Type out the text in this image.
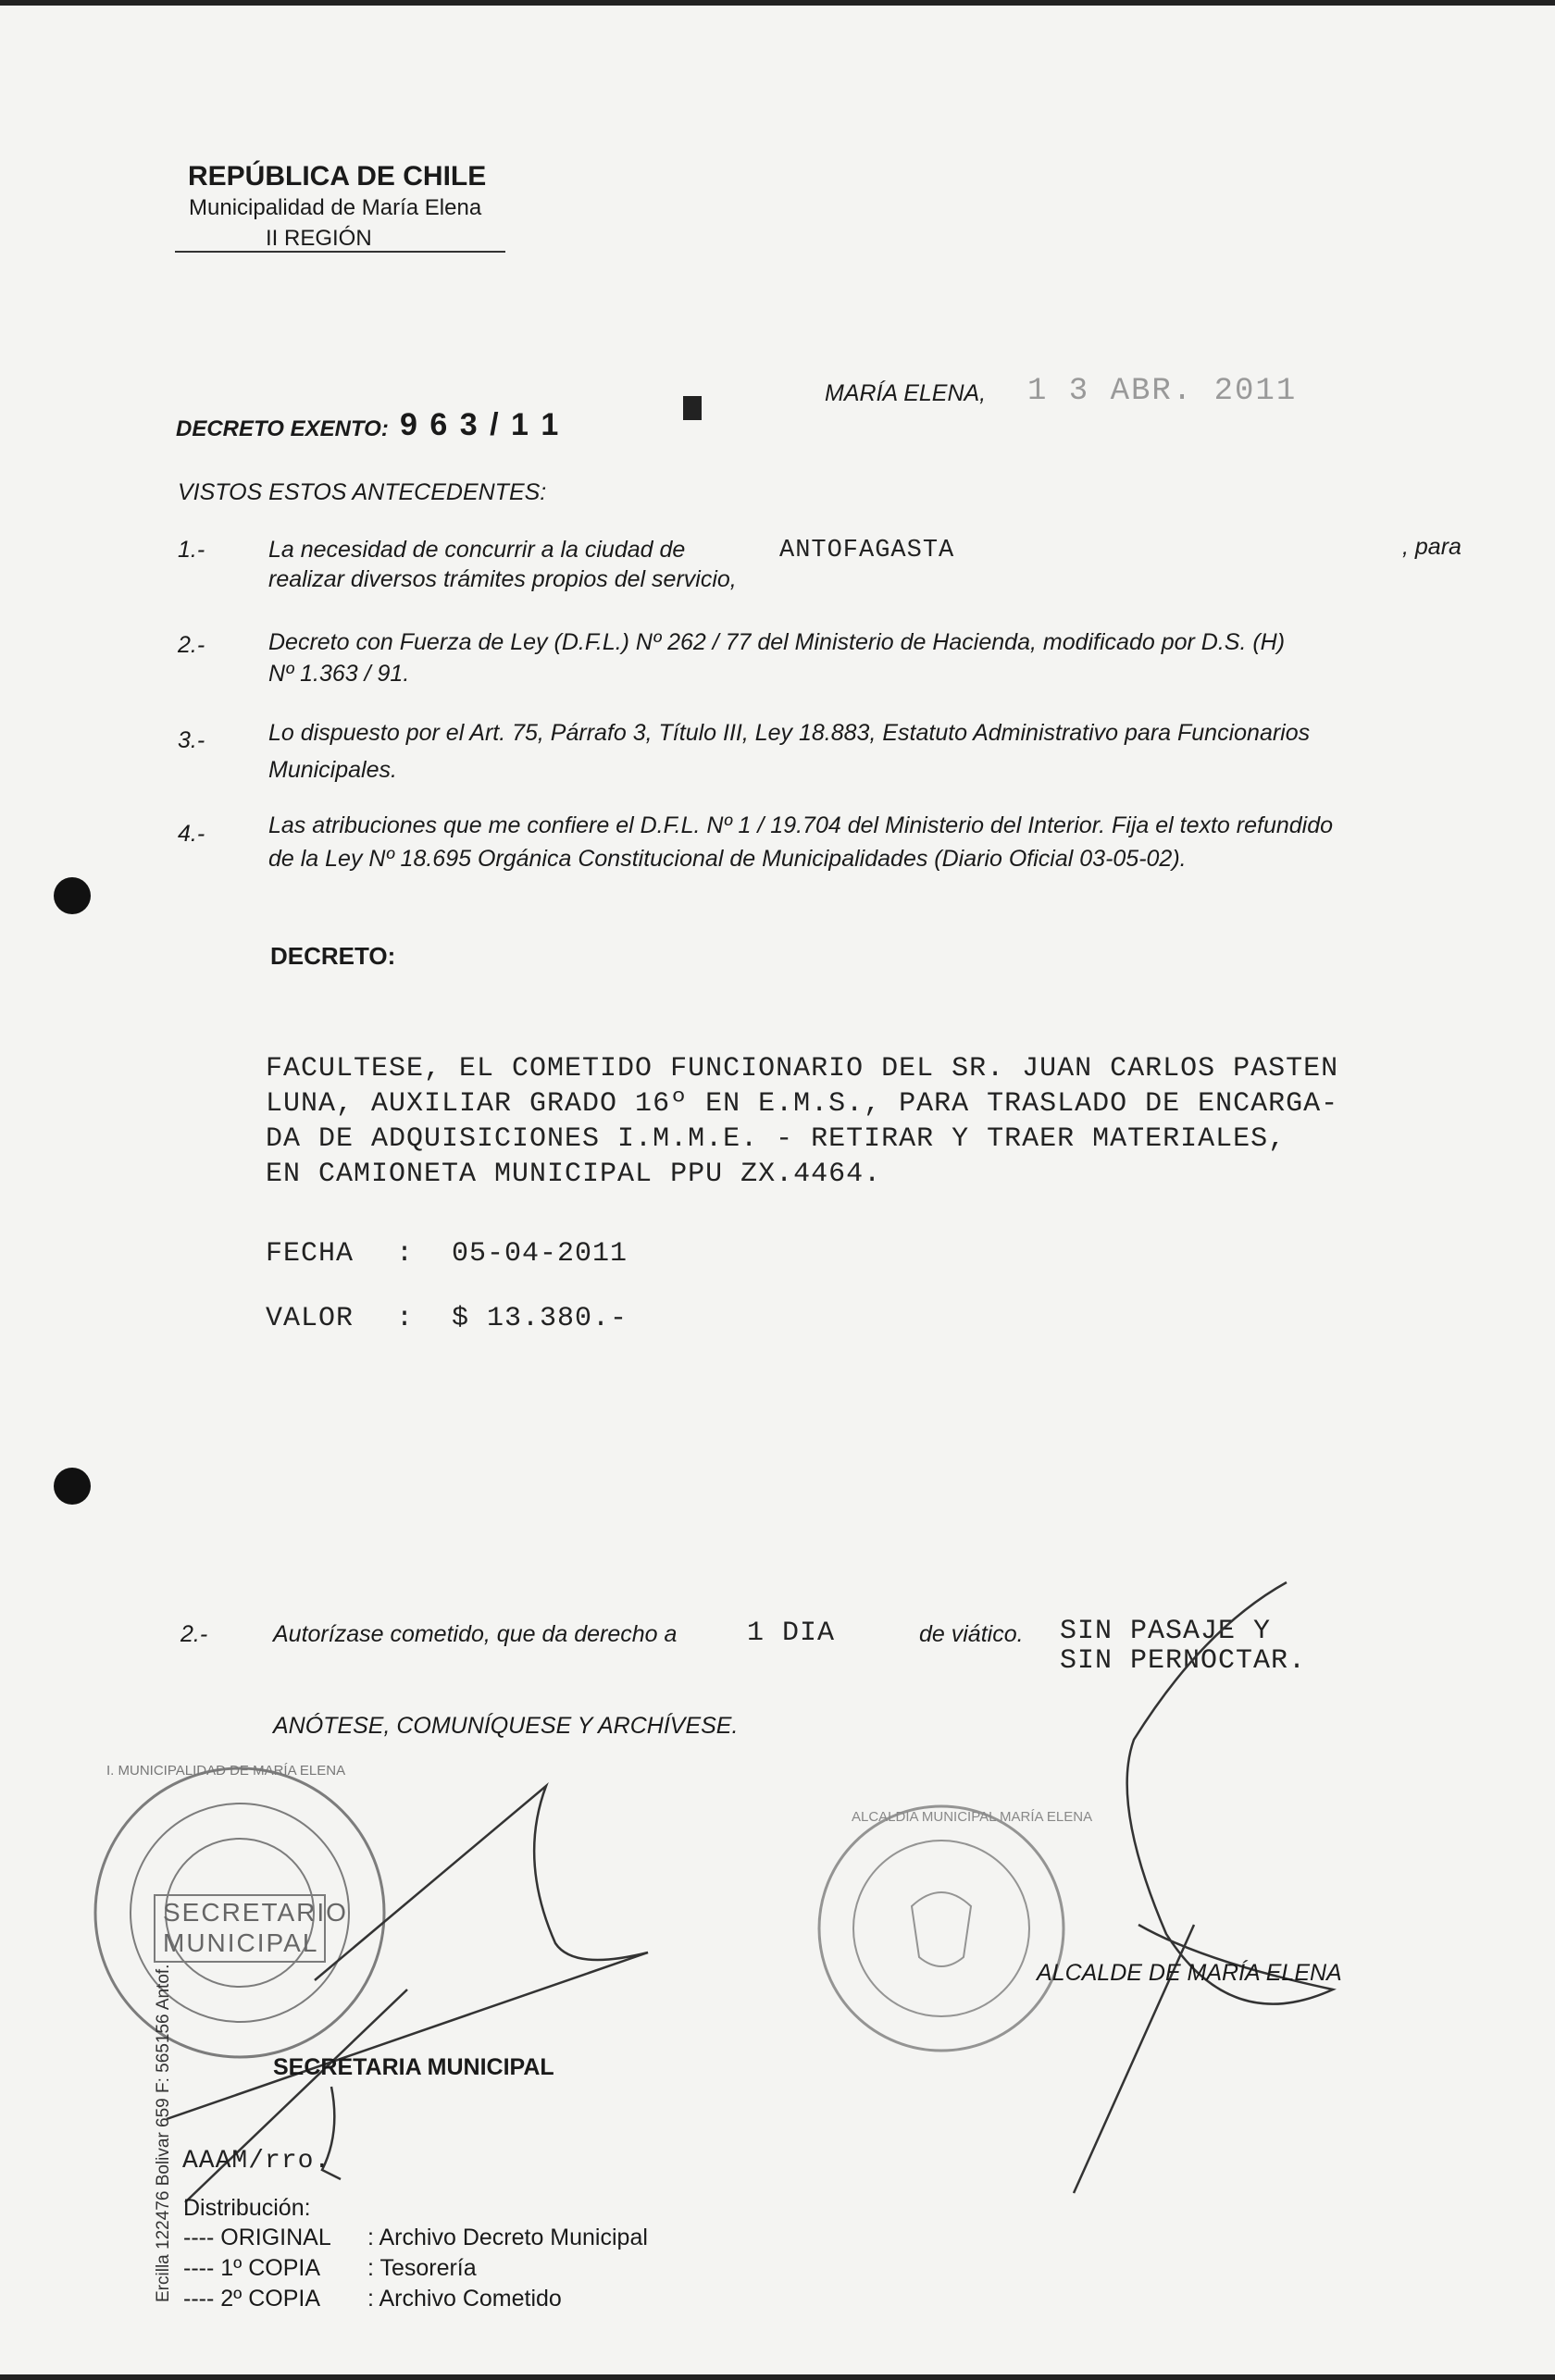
REPÚBLICA DE CHILE
Municipalidad de María Elena
II REGIÓN
DECRETO EXENTO: 9 6 3 / 1 1
MARÍA ELENA, 1 3 ABR. 2011
VISTOS ESTOS ANTECEDENTES:
1.-	La necesidad de concurrir a la ciudad de	ANTOFAGASTA	, para
realizar diversos trámites propios del servicio,
2.-	Decreto con Fuerza de Ley (D.F.L.) Nº 262 / 77 del Ministerio de Hacienda, modificado por D.S. (H)
Nº 1.363 / 91.
3.-	Lo dispuesto por el Art. 75, Párrafo 3, Título III, Ley 18.883, Estatuto Administrativo para Funcionarios
Municipales.
4.-	Las atribuciones que me confiere el D.F.L. Nº 1 / 19.704 del Ministerio del Interior. Fija el texto refundido
de la Ley Nº 18.695 Orgánica Constitucional de Municipalidades (Diario Oficial 03-05-02).
DECRETO:
FACULTESE, EL COMETIDO FUNCIONARIO DEL SR. JUAN CARLOS PASTEN
LUNA, AUXILIAR GRADO 16º EN E.M.S., PARA TRASLADO DE ENCARGA-
DA DE ADQUISICIONES I.M.M.E. - RETIRAR Y TRAER MATERIALES,
EN CAMIONETA MUNICIPAL PPU ZX.4464.
FECHA : 05-04-2011
VALOR : $ 13.380.-
2.-	Autorízase cometido, que da derecho a	1 DIA	de viático. SIN PASAJE Y
SIN PERNOCTAR.
ANÓTESE, COMUNÍQUESE Y ARCHÍVESE.
SECRETARIO
MUNICIPAL
I. MUNICIPALIDAD DE MARÍA ELENA
ALCALDIA MUNICIPAL MARÍA ELENA
ALCALDE DE MARÍA ELENA
SECRETARIA MUNICIPAL
AAAM/rro.
Distribución:
---- ORIGINAL : Archivo Decreto Municipal
---- 1º COPIA : Tesorería
---- 2º COPIA : Archivo Cometido
Ercilla 122476 Bolivar 659 F: 565156 Antof.
